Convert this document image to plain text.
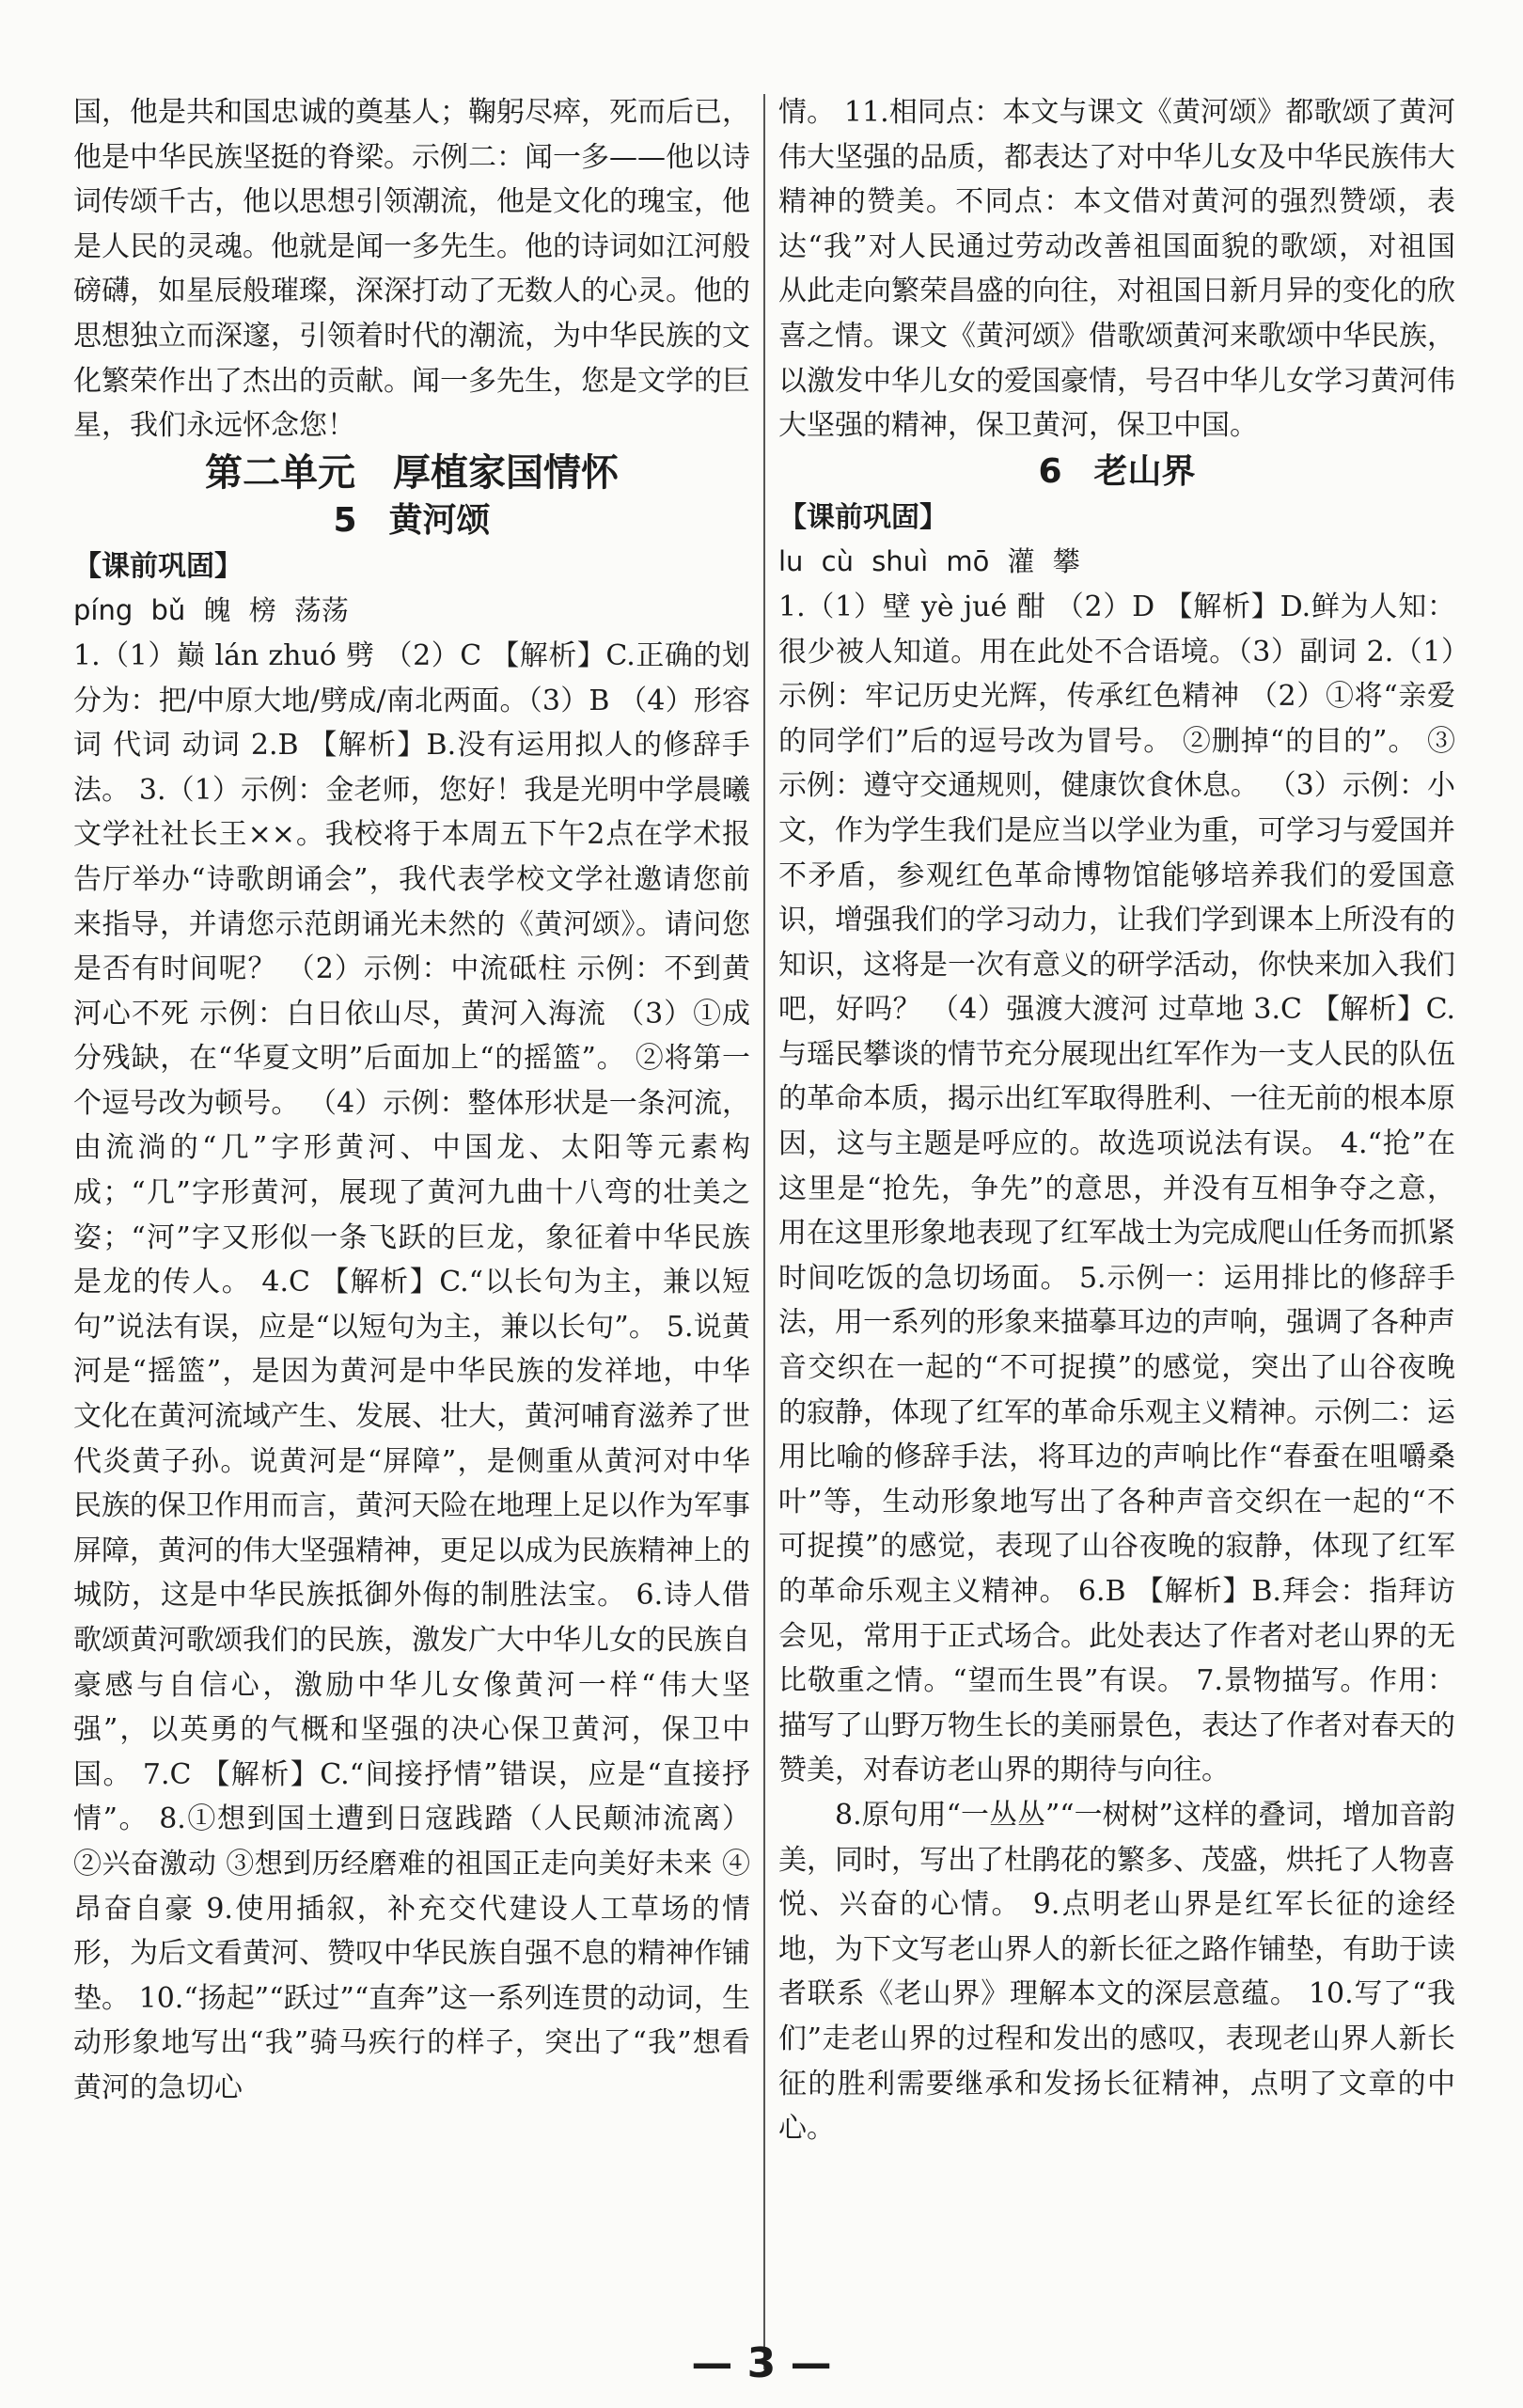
国，他是共和国忠诚的奠基人；鞠躬尽瘁，死而后已，他是中华民族坚挺的脊梁。示例二：闻一多——他以诗词传颂千古，他以思想引领潮流，他是文化的瑰宝，他是人民的灵魂。他就是闻一多先生。他的诗词如江河般磅礴，如星辰般璀璨，深深打动了无数人的心灵。他的思想独立而深邃，引领着时代的潮流，为中华民族的文化繁荣作出了杰出的贡献。闻一多先生，您是文学的巨星，我们永远怀念您！

第二单元　厚植家国情怀

5 黄河颂

【课前巩固】

píng bǔ 魄 榜 荡荡

1.（1）巅 lán zhuó 劈 （2）C 【解析】C.正确的划分为：把/中原大地/劈成/南北两面。（3）B （4）形容词 代词 动词 2.B 【解析】B.没有运用拟人的修辞手法。 3.（1）示例：金老师，您好！我是光明中学晨曦文学社社长王××。我校将于本周五下午2点在学术报告厅举办“诗歌朗诵会”，我代表学校文学社邀请您前来指导，并请您示范朗诵光未然的《黄河颂》。请问您是否有时间呢？ （2）示例：中流砥柱 示例：不到黄河心不死 示例：白日依山尽，黄河入海流 （3）①成分残缺，在“华夏文明”后面加上“的摇篮”。 ②将第一个逗号改为顿号。 （4）示例：整体形状是一条河流，由流淌的“几”字形黄河、中国龙、太阳等元素构成；“几”字形黄河，展现了黄河九曲十八弯的壮美之姿；“河”字又形似一条飞跃的巨龙，象征着中华民族是龙的传人。 4.C 【解析】C.“以长句为主，兼以短句”说法有误，应是“以短句为主，兼以长句”。 5.说黄河是“摇篮”，是因为黄河是中华民族的发祥地，中华文化在黄河流域产生、发展、壮大，黄河哺育滋养了世代炎黄子孙。说黄河是“屏障”，是侧重从黄河对中华民族的保卫作用而言，黄河天险在地理上足以作为军事屏障，黄河的伟大坚强精神，更足以成为民族精神上的城防，这是中华民族抵御外侮的制胜法宝。 6.诗人借歌颂黄河歌颂我们的民族，激发广大中华儿女的民族自豪感与自信心，激励中华儿女像黄河一样“伟大坚强”，以英勇的气概和坚强的决心保卫黄河，保卫中国。 7.C 【解析】C.“间接抒情”错误，应是“直接抒情”。 8.①想到国土遭到日寇践踏（人民颠沛流离） ②兴奋激动 ③想到历经磨难的祖国正走向美好未来 ④昂奋自豪 9.使用插叙，补充交代建设人工草场的情形，为后文看黄河、赞叹中华民族自强不息的精神作铺垫。 10.“扬起”“跃过”“直奔”这一系列连贯的动词，生动形象地写出“我”骑马疾行的样子，突出了“我”想看黄河的急切心

情。 11.相同点：本文与课文《黄河颂》都歌颂了黄河伟大坚强的品质，都表达了对中华儿女及中华民族伟大精神的赞美。不同点：本文借对黄河的强烈赞颂，表达“我”对人民通过劳动改善祖国面貌的歌颂，对祖国从此走向繁荣昌盛的向往，对祖国日新月异的变化的欣喜之情。课文《黄河颂》借歌颂黄河来歌颂中华民族，以激发中华儿女的爱国豪情，号召中华儿女学习黄河伟大坚强的精神，保卫黄河，保卫中国。

6 老山界

【课前巩固】

lu cù shuì mō 灌 攀

1.（1）壁 yè jué 酣 （2）D 【解析】D.鲜为人知：很少被人知道。用在此处不合语境。（3）副词 2.（1）示例：牢记历史光辉，传承红色精神 （2）①将“亲爱的同学们”后的逗号改为冒号。 ②删掉“的目的”。 ③示例：遵守交通规则，健康饮食休息。 （3）示例：小文，作为学生我们是应当以学业为重，可学习与爱国并不矛盾，参观红色革命博物馆能够培养我们的爱国意识，增强我们的学习动力，让我们学到课本上所没有的知识，这将是一次有意义的研学活动，你快来加入我们吧，好吗？ （4）强渡大渡河 过草地 3.C 【解析】C.与瑶民攀谈的情节充分展现出红军作为一支人民的队伍的革命本质，揭示出红军取得胜利、一往无前的根本原因，这与主题是呼应的。故选项说法有误。 4.“抢”在这里是“抢先，争先”的意思，并没有互相争夺之意，用在这里形象地表现了红军战士为完成爬山任务而抓紧时间吃饭的急切场面。 5.示例一：运用排比的修辞手法，用一系列的形象来描摹耳边的声响，强调了各种声音交织在一起的“不可捉摸”的感觉，突出了山谷夜晚的寂静，体现了红军的革命乐观主义精神。示例二：运用比喻的修辞手法，将耳边的声响比作“春蚕在咀嚼桑叶”等，生动形象地写出了各种声音交织在一起的“不可捉摸”的感觉，表现了山谷夜晚的寂静，体现了红军的革命乐观主义精神。 6.B 【解析】B.拜会：指拜访会见，常用于正式场合。此处表达了作者对老山界的无比敬重之情。“望而生畏”有误。 7.景物描写。作用：描写了山野万物生长的美丽景色，表达了作者对春天的赞美，对春访老山界的期待与向往。

8.原句用“一丛丛”“一树树”这样的叠词，增加音韵美，同时，写出了杜鹃花的繁多、茂盛，烘托了人物喜悦、兴奋的心情。 9.点明老山界是红军长征的途经地，为下文写老山界人的新长征之路作铺垫，有助于读者联系《老山界》理解本文的深层意蕴。 10.写了“我们”走老山界的过程和发出的感叹，表现老山界人新长征的胜利需要继承和发扬长征精神，点明了文章的中心。

— 3 —
